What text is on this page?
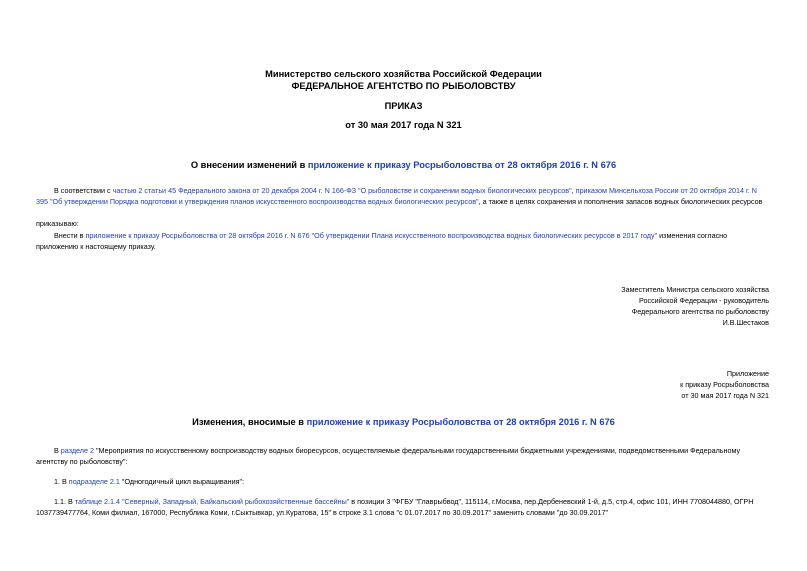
Министерство сельского хозяйства Российской Федерации
ФЕДЕРАЛЬНОЕ АГЕНТСТВО ПО РЫБОЛОВСТВУ
ПРИКАЗ
от 30 мая 2017 года N 321
О внесении изменений в приложение к приказу Росрыболовства от 28 октября 2016 г. N 676
В соответствии с частью 2 статьи 45 Федерального закона от 20 декабря 2004 г. N 166-ФЗ "О рыболовстве и сохранении водных биологических ресурсов", приказом Минсельхоза России от 20 октября 2014 г. N
395 "Об утверждении Порядка подготовки и утверждения планов искусственного воспроизводства водных биологических ресурсов", а также в целях сохранения и пополнения запасов водных биологических ресурсов
приказываю:
Внести в приложение к приказу Росрыболовства от 28 октября 2016 г. N 676 "Об утверждении Плана искусственного воспроизводства водных биологических ресурсов в 2017 году" изменения согласно
приложению к настоящему приказу.
Заместитель Министра сельского хозяйства
Российской Федерации - руководитель
Федерального агентства по рыболовству
И.В.Шестаков
Приложение
к приказу Росрыболовства
от 30 мая 2017 года N 321
Изменения, вносимые в приложение к приказу Росрыболовства от 28 октября 2016 г. N 676
В разделе 2 "Мероприятия по искусственному воспроизводству водных биоресурсов, осуществляемые федеральными государственными бюджетными учреждениями, подведомственными Федеральному
агентству по рыболовству":
1. В подразделе 2.1 "Одногодичный цикл выращивания":
1.1. В таблице 2.1.4 "Северный, Западный, Байкальский рыбохозяйственные бассейны" в позиции 3 "ФГБУ "Главрыбвод", 115114, г.Москва, пер.Дербеневский 1-й, д.5, стр.4, офис 101, ИНН 7708044880, ОГРН
1037739477764, Коми филиал, 167000, Республика Коми, г.Сыктывкар, ул.Куратова, 15" в строке 3.1 слова "с 01.07.2017 по 30.09.2017" заменить словами "до 30.09.2017"
